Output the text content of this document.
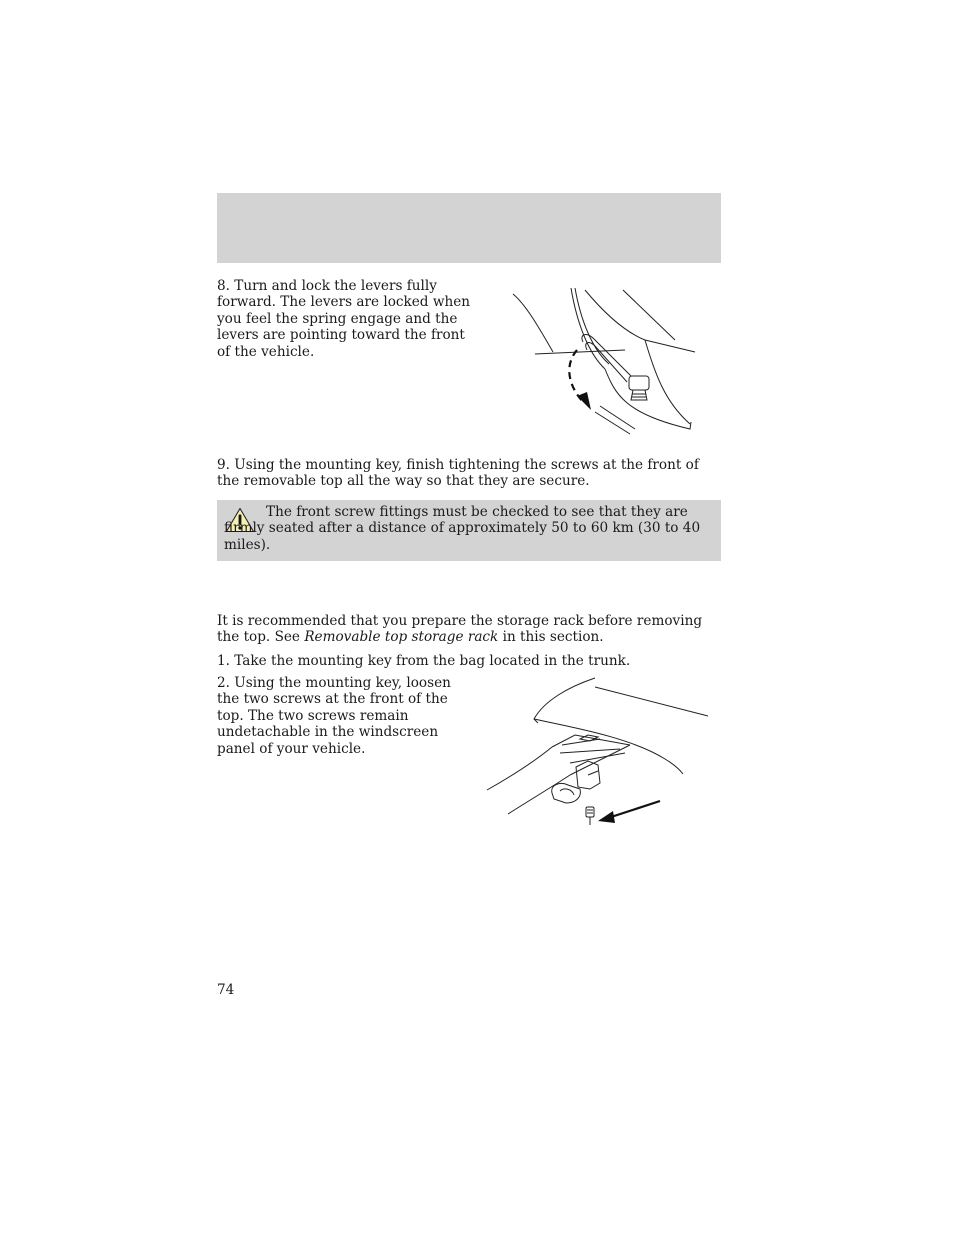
8. Turn and lock the levers fully forward. The levers are locked when you feel the spring engage and the levers are pointing toward the front of the vehicle.

9. Using the mounting key, finish tightening the screws at the front of the removable top all the way so that they are secure.

The front screw fittings must be checked to see that they are firmly seated after a distance of approximately 50 to 60 km (30 to 40 miles).

It is recommended that you prepare the storage rack before removing the top. See Removable top storage rack in this section.

1. Take the mounting key from the bag located in the trunk.

2. Using the mounting key, loosen the two screws at the front of the top. The two screws remain undetachable in the windscreen panel of your vehicle.

74
